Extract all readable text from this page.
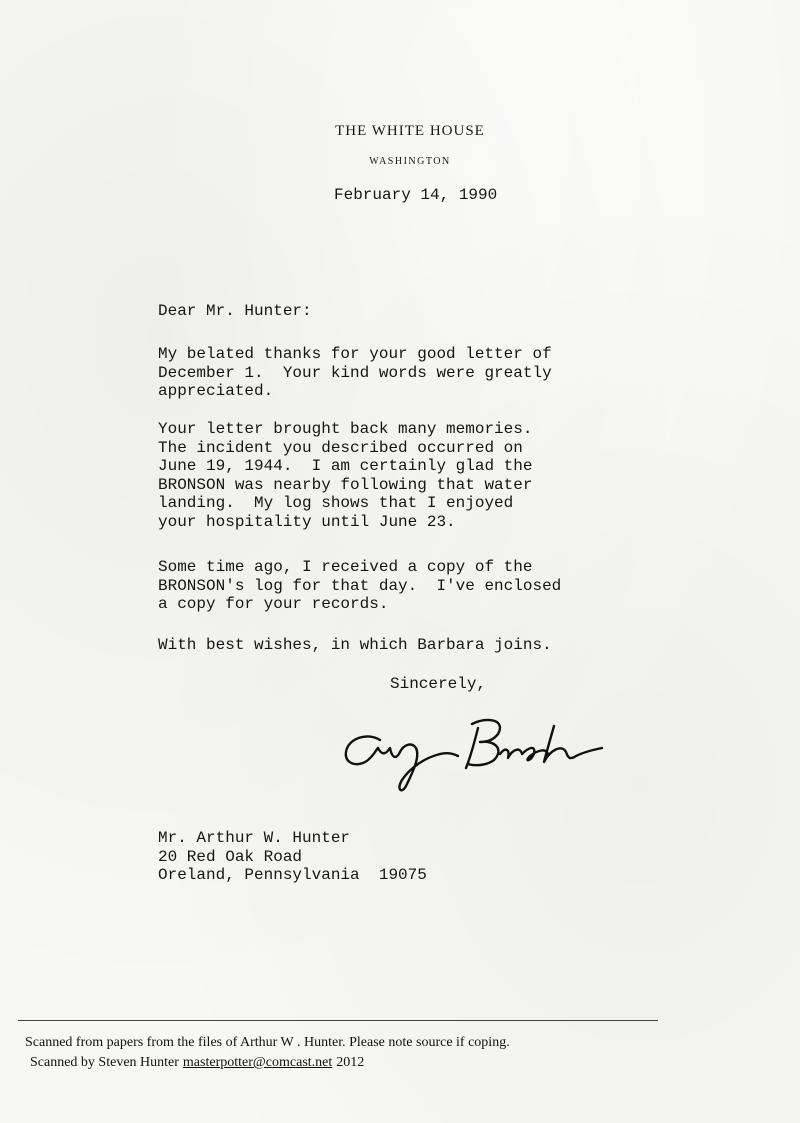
THE WHITE HOUSE
WASHINGTON
February 14, 1990
Dear Mr. Hunter:
My belated thanks for your good letter of
December 1.  Your kind words were greatly
appreciated.
Your letter brought back many memories.
The incident you described occurred on
June 19, 1944.  I am certainly glad the
BRONSON was nearby following that water
landing.  My log shows that I enjoyed
your hospitality until June 23.
Some time ago, I received a copy of the
BRONSON's log for that day.  I've enclosed
a copy for your records.
With best wishes, in which Barbara joins.
Sincerely,
Mr. Arthur W. Hunter
20 Red Oak Road
Oreland, Pennsylvania  19075
Scanned from papers from the files of Arthur W . Hunter. Please note source if coping.
Scanned by Steven Hunter masterpotter@comcast.net 2012
